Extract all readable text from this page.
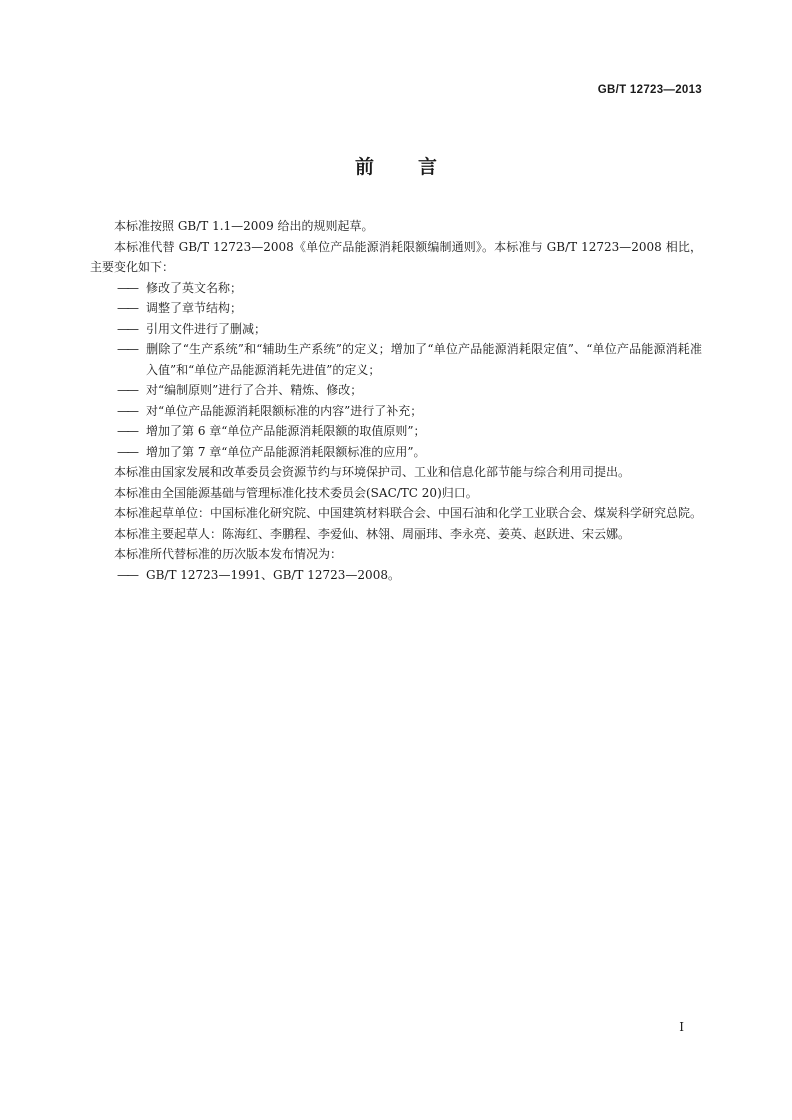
GB/T 12723—2013
前言

本标准按照 GB/T 1.1—2009 给出的规则起草。

本标准代替 GB/T 12723—2008《单位产品能源消耗限额编制通则》。本标准与 GB/T 12723—2008 相比，主要变化如下：

—— 修改了英文名称；

—— 调整了章节结构；

—— 引用文件进行了删减；

—— 删除了“生产系统”和“辅助生产系统”的定义；增加了“单位产品能源消耗限定值”、“单位产品能源消耗准入值”和“单位产品能源消耗先进值”的定义；

—— 对“编制原则”进行了合并、精炼、修改；

—— 对“单位产品能源消耗限额标准的内容”进行了补充；

—— 增加了第 6 章“单位产品能源消耗限额的取值原则”；

—— 增加了第 7 章“单位产品能源消耗限额标准的应用”。

本标准由国家发展和改革委员会资源节约与环境保护司、工业和信息化部节能与综合利用司提出。

本标准由全国能源基础与管理标准化技术委员会(SAC/TC 20)归口。

本标准起草单位：中国标准化研究院、中国建筑材料联合会、中国石油和化学工业联合会、煤炭科学研究总院。

本标准主要起草人：陈海红、李鹏程、李爱仙、林翎、周丽玮、李永亮、姜英、赵跃进、宋云娜。

本标准所代替标准的历次版本发布情况为：

—— GB/T 12723—1991、GB/T 12723—2008。

I
